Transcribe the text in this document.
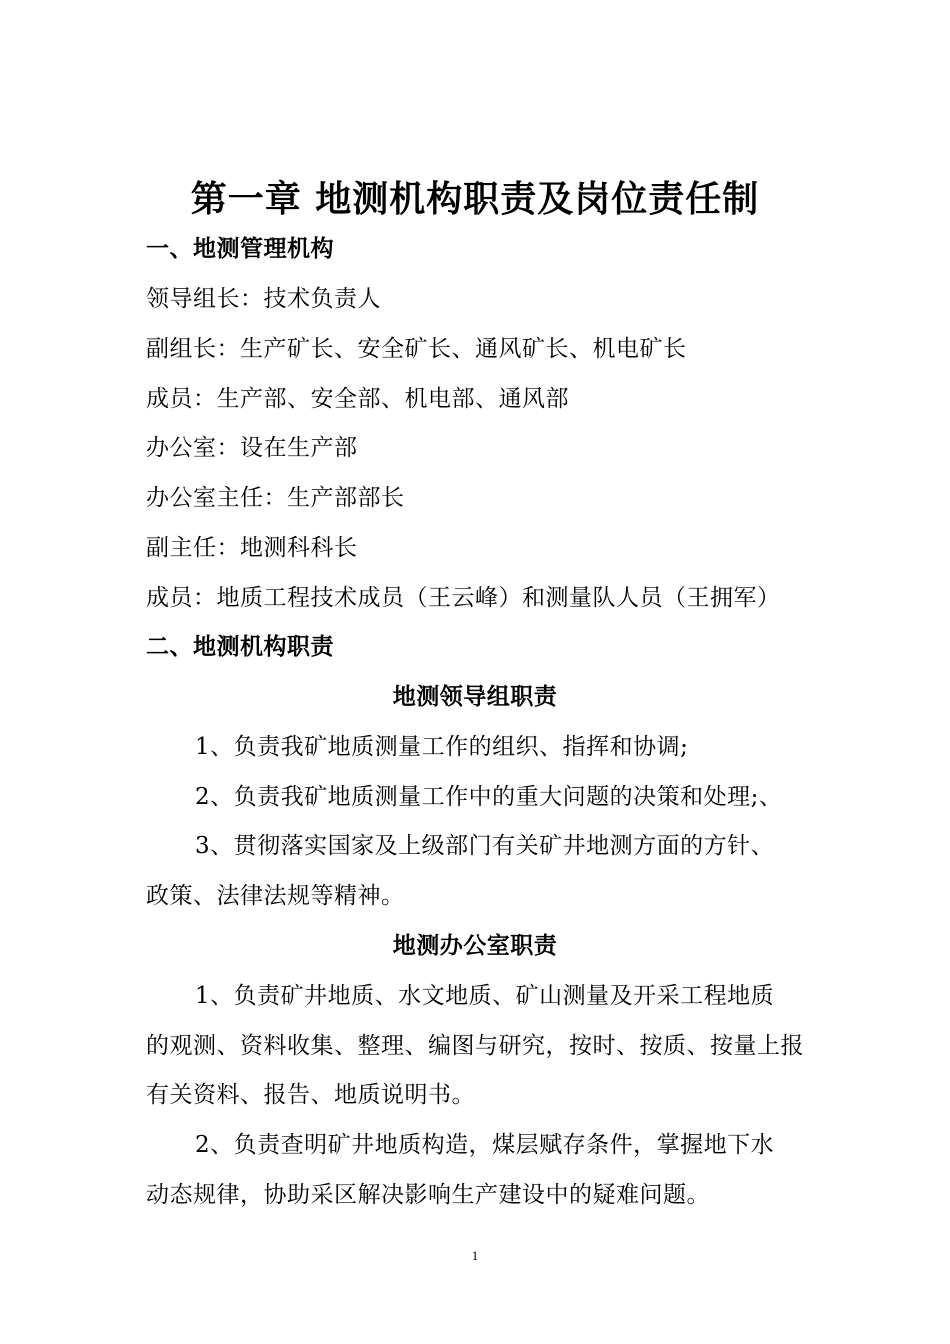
第一章 地测机构职责及岗位责任制
一、地测管理机构
领导组长：技术负责人
副组长：生产矿长、安全矿长、通风矿长、机电矿长
成员：生产部、安全部、机电部、通风部
办公室：设在生产部
办公室主任：生产部部长
副主任：地测科科长
成员：地质工程技术成员（王云峰）和测量队人员（王拥军）
二、地测机构职责
地测领导组职责
1、负责我矿地质测量工作的组织、指挥和协调;
2、负责我矿地质测量工作中的重大问题的决策和处理;、
3、贯彻落实国家及上级部门有关矿井地测方面的方针、
政策、法律法规等精神。
地测办公室职责
1、负责矿井地质、水文地质、矿山测量及开采工程地质
的观测、资料收集、整理、编图与研究，按时、按质、按量上报
有关资料、报告、地质说明书。
2、负责查明矿井地质构造，煤层赋存条件，掌握地下水
动态规律，协助采区解决影响生产建设中的疑难问题。
1
